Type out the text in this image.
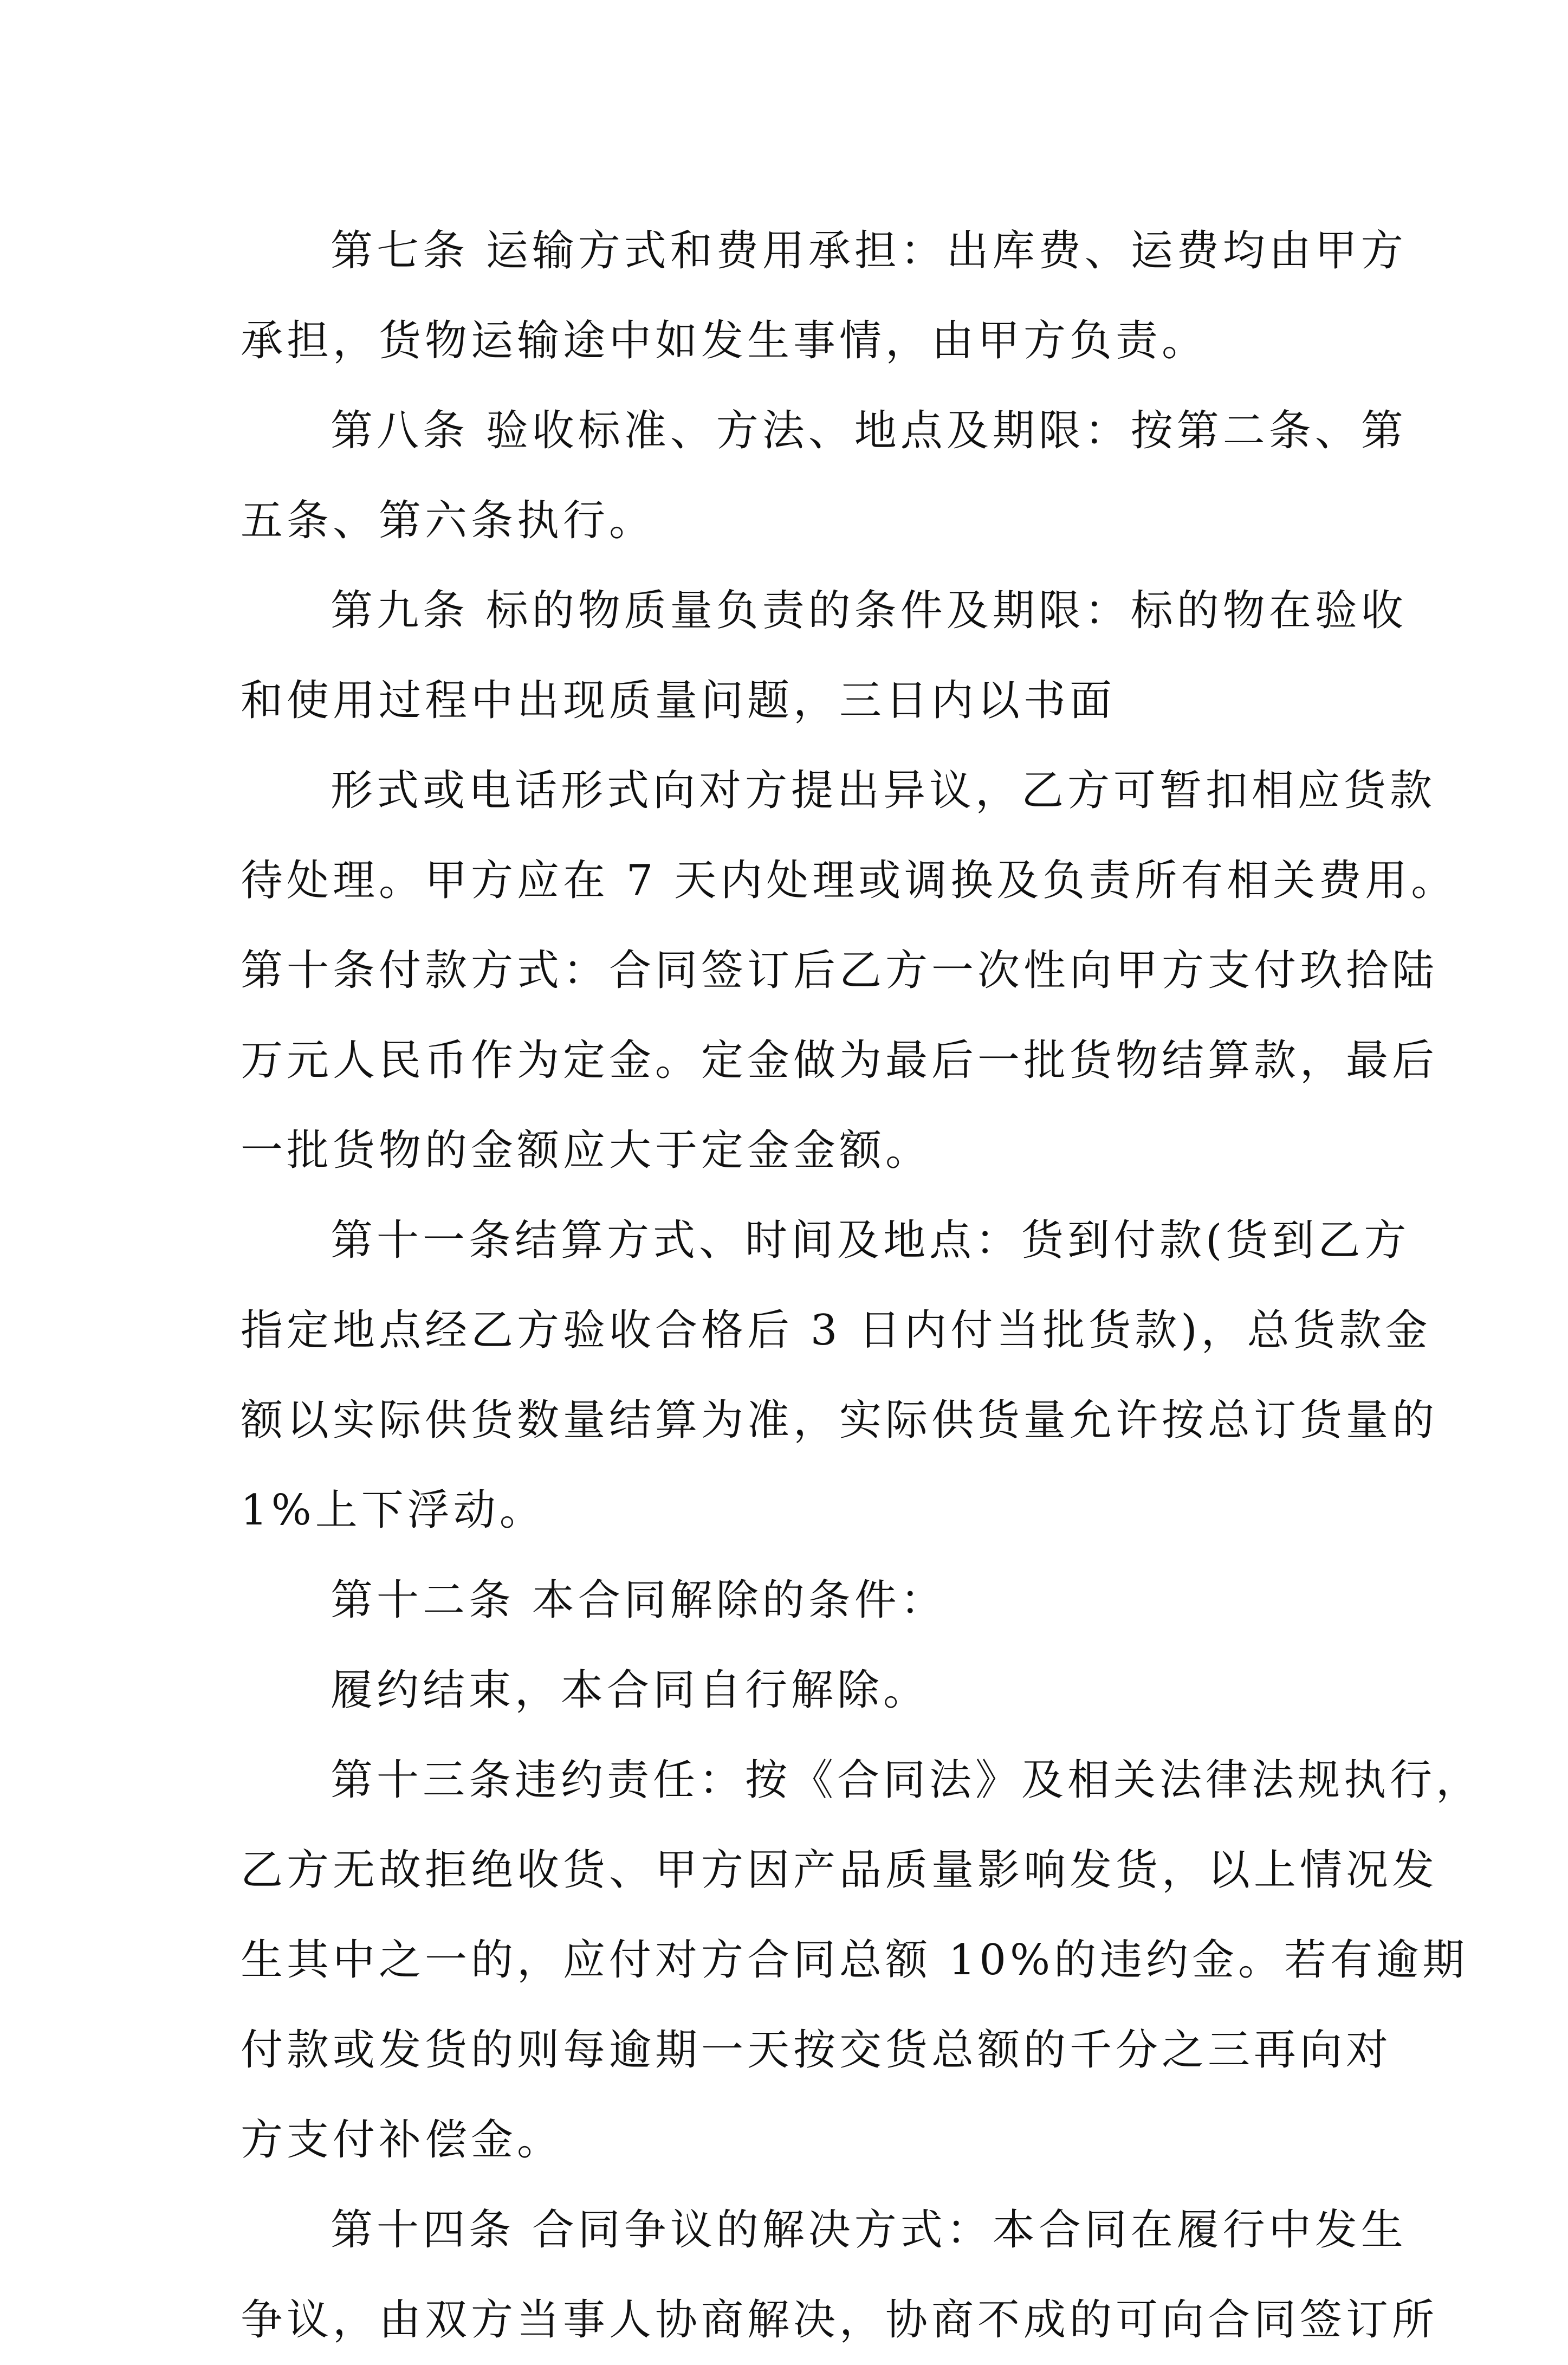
第七条 运输方式和费用承担：出库费、运费均由甲方
承担，货物运输途中如发生事情，由甲方负责。
第八条 验收标准、方法、地点及期限：按第二条、第
五条、第六条执行。
第九条 标的物质量负责的条件及期限：标的物在验收
和使用过程中出现质量问题，三日内以书面
形式或电话形式向对方提出异议，乙方可暂扣相应货款
待处理。甲方应在 7 天内处理或调换及负责所有相关费用。
第十条付款方式：合同签订后乙方一次性向甲方支付玖拾陆
万元人民币作为定金。定金做为最后一批货物结算款，最后
一批货物的金额应大于定金金额。
第十一条结算方式、时间及地点：货到付款(货到乙方
指定地点经乙方验收合格后 3 日内付当批货款)，总货款金
额以实际供货数量结算为准，实际供货量允许按总订货量的
1%上下浮动。
第十二条 本合同解除的条件：
履约结束，本合同自行解除。
第十三条违约责任：按《合同法》及相关法律法规执行，
乙方无故拒绝收货、甲方因产品质量影响发货，以上情况发
生其中之一的，应付对方合同总额 10%的违约金。若有逾期
付款或发货的则每逾期一天按交货总额的千分之三再向对
方支付补偿金。
第十四条 合同争议的解决方式：本合同在履行中发生
争议，由双方当事人协商解决，协商不成的可向合同签订所
